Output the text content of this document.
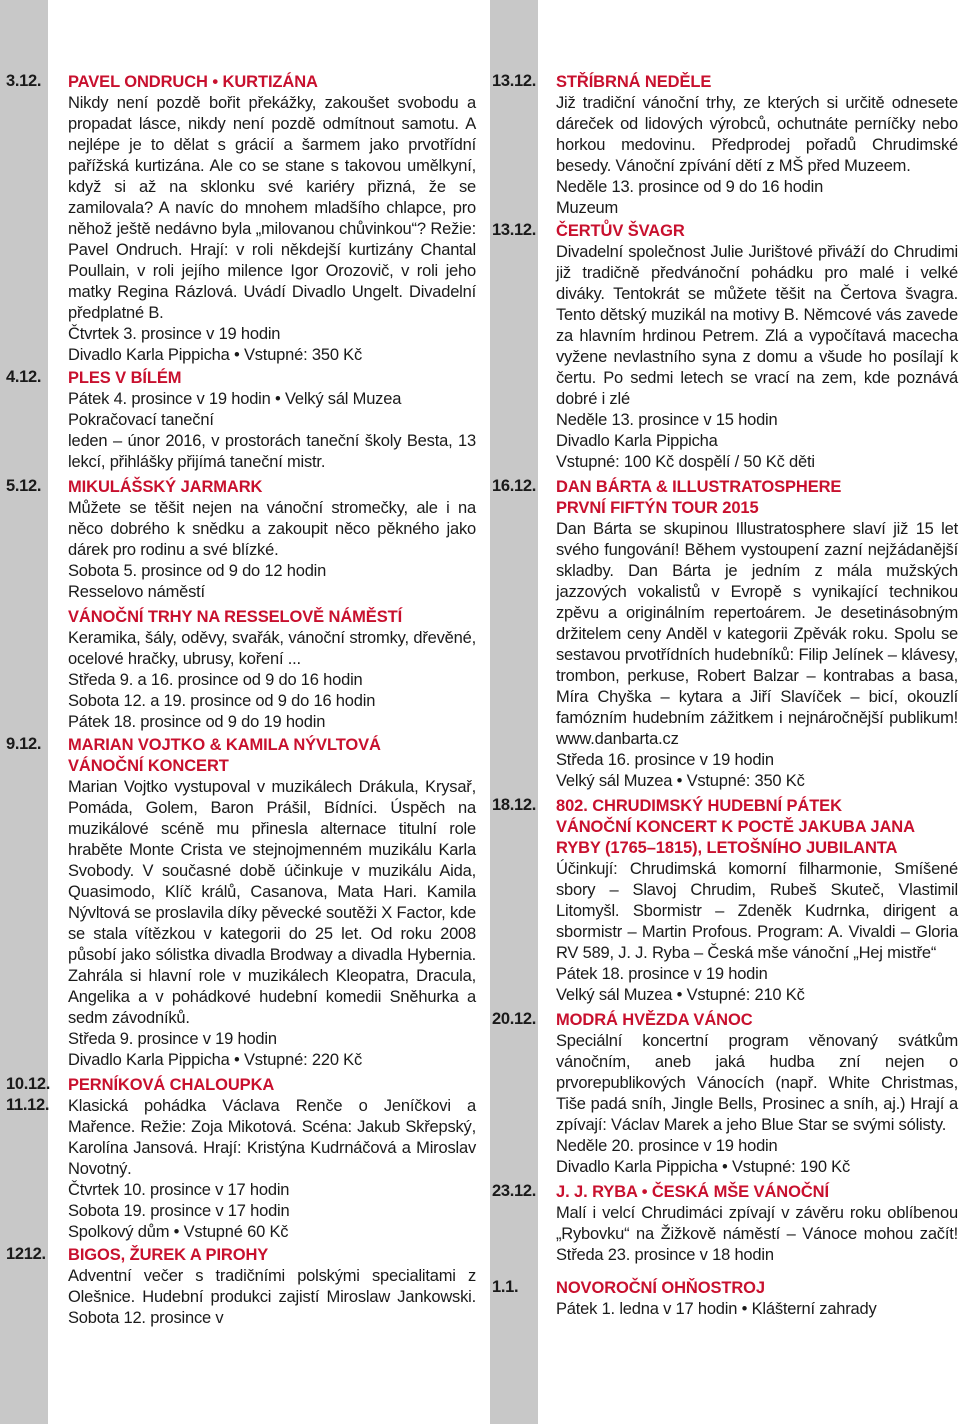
3.12. PAVEL ONDRUCH • KURTIZÁNA
Nikdy není pozdě bořit překážky, zakoušet svobodu a propadat lásce, nikdy není pozdě odmítnout samotu. A nejlépe je to dělat s grácií a šarmem jako prvotřídní pařížská kurtizána. Ale co se stane s takovou umělkyní, když si až na sklonku své kariéry přizná, že se zamilovala? A navíc do mnohem mladšího chlapce, pro něhož ještě nedávno byla „milovanou chůvinkou“? Režie: Pavel Ondruch. Hrají: v roli někdejší kurtizány Chantal Poullain, v roli jejího milence Igor Orozovič, v roli jeho matky Regina Rázlová. Uvádí Divadlo Ungelt. Divadelní předplatné B.
Čtvrtek 3. prosince v 19 hodin
Divadlo Karla Pippicha • Vstupné: 350 Kč
4.12. PLES V BÍLÉM
Pátek 4. prosince v 19 hodin • Velký sál Muzea
Pokračovací taneční
leden – únor 2016, v prostorách taneční školy Besta, 13 lekcí, přihlášky přijímá taneční mistr.
5.12. MIKULÁŠSKÝ JARMARK
Můžete se těšit nejen na vánoční stromečky, ale i na něco dobrého k snědku a zakoupit něco pěkného jako dárek pro rodinu a své blízké.
Sobota 5. prosince od 9 do 12 hodin
Resselovo náměstí
VÁNOČNÍ TRHY NA RESSELOVĚ NÁMĚSTÍ
Keramika, šály, oděvy, svařák, vánoční stromky, dřevěné, ocelové hračky, ubrusy, koření ...
Středa 9. a 16. prosince od 9 do 16 hodin
Sobota 12. a 19. prosince od 9 do 16 hodin
Pátek 18. prosince od 9 do 19 hodin
9.12. MARIAN VOJTKO & KAMILA NÝVLTOVÁ
VÁNOČNÍ KONCERT
Marian Vojtko vystupoval v muzikálech Drákula, Krysař, Pomáda, Golem, Baron Prášil, Bídníci. Úspěch na muzikálové scéně mu přinesla alternace titulní role hraběte Monte Crista ve stejnojmenném muzikálu Karla Svobody. V současné době účinkuje v muzikálu Aida, Quasimodo, Klíč králů, Casanova, Mata Hari. Kamila Nývltová se proslavila díky pěvecké soutěži X Factor, kde se stala vítězkou v kategorii do 25 let. Od roku 2008 působí jako sólistka divadla Brodway a divadla Hybernia. Zahrála si hlavní role v muzikálech Kleopatra, Dracula, Angelika a v pohádkové hudební komedii Sněhurka a sedm závodníků.
Středa 9. prosince v 19 hodin
Divadlo Karla Pippicha • Vstupné: 220 Kč
10.12.
11.12.
PERNÍKOVÁ CHALOUPKA
Klasická pohádka Václava Renče o Jeníčkovi a Mařence. Režie: Zoja Mikotová. Scéna: Jakub Skřepský, Karolína Jansová. Hrají: Kristýna Kudrnáčová a Miroslav Novotný.
Čtvrtek 10. prosince v 17 hodin
Sobota 19. prosince v 17 hodin
Spolkový dům • Vstupné 60 Kč
1212. BIGOS, ŽUREK A PIROHY
Adventní večer s tradičními polskými specialitami z Olešnice. Hudební produkci zajistí Miroslaw Jankowski. Sobota 12. prosince v
13.12. STŘÍBRNÁ NEDĚLE
Již tradiční vánoční trhy, ze kterých si určitě odnesete dáreček od lidových výrobců, ochutnáte perníčky nebo horkou medovinu. Předprodej pořadů Chrudimské besedy. Vánoční zpívání dětí z MŠ před Muzeem.
Neděle 13. prosince od 9 do 16 hodin
Muzeum
13.12. ČERTŮV ŠVAGR
Divadelní společnost Julie Jurištové přiváží do Chrudimi již tradičně předvánoční pohádku pro malé i velké diváky. Tentokrát se můžete těšit na Čertova švagra. Tento dětský muzikál na motivy B. Němcové vás zavede za hlavním hrdinou Petrem. Zlá a vypočítavá macecha vyžene nevlastního syna z domu a všude ho posílají k čertu. Po sedmi letech se vrací na zem, kde poznává dobré i zlé
Neděle 13. prosince v 15 hodin
Divadlo Karla Pippicha
Vstupné: 100 Kč dospělí / 50 Kč děti
16.12. DAN BÁRTA & ILLUSTRATOSPHERE
PRVNÍ FIFTÝN TOUR 2015
Dan Bárta se skupinou Illustratosphere slaví již 15 let svého fungování! Během vystoupení zazní nejžádanější skladby. Dan Bárta je jedním z mála mužských jazzových vokalistů v Evropě s vynikající technikou zpěvu a originálním repertoárem. Je desetinásobným držitelem ceny Anděl v kategorii Zpěvák roku. Spolu se sestavou prvotřídních hudebníků: Filip Jelínek – klávesy, trombon, perkuse, Robert Balzar – kontrabas a basa, Míra Chyška – kytara a Jiří Slavíček – bicí, okouzlí famózním hudebním zážitkem i nejnáročnější publikum! www.danbarta.cz
Středa 16. prosince v 19 hodin
Velký sál Muzea • Vstupné: 350 Kč
18.12. 802. CHRUDIMSKÝ HUDEBNÍ PÁTEK
VÁNOČNÍ KONCERT K POCTĚ JAKUBA JANA
RYBY (1765–1815), LETOŠNÍHO JUBILANTA
Účinkují: Chrudimská komorní filharmonie, Smíšené sbory – Slavoj Chrudim, Rubeš Skuteč, Vlastimil Litomyšl. Sbormistr – Zdeněk Kudrnka, dirigent a sbormistr – Martin Profous. Program: A. Vivaldi – Gloria RV 589, J. J. Ryba – Česká mše vánoční „Hej mistře“
Pátek 18. prosince v 19 hodin
Velký sál Muzea • Vstupné: 210 Kč
20.12. MODRÁ HVĚZDA VÁNOC
Speciální koncertní program věnovaný svátkům vánočním, aneb jaká hudba zní nejen o prvorepublikových Vánocích (např. White Christmas, Tiše padá sníh, Jingle Bells, Prosinec a sníh, aj.) Hrají a zpívají: Václav Marek a jeho Blue Star se svými sólisty.
Neděle 20. prosince v 19 hodin
Divadlo Karla Pippicha • Vstupné: 190 Kč
23.12. J. J. RYBA • ČESKÁ MŠE VÁNOČNÍ
Malí i velcí Chrudimáci zpívají v závěru roku oblíbenou „Rybovku“ na Žižkově náměstí – Vánoce mohou začít! Středa 23. prosince v 18 hodin
1.1. NOVOROČNÍ OHŇOSTROJ
Pátek 1. ledna v 17 hodin • Klášterní zahrady
